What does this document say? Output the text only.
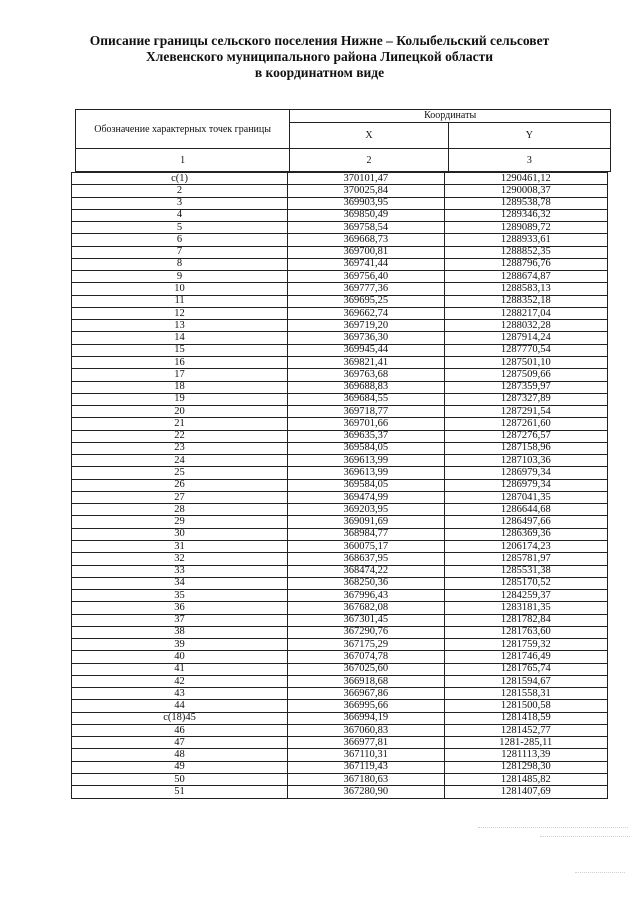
Описание границы сельского поселения Нижне – Колыбельский сельсовет
Хлевенского муниципального района Липецкой области
в координатном виде
Обозначение характерных точек границы	Координаты	
	X	Y
1	2	3
с(1)	370101,47	1290461,12
2	370025,84	1290008,37
3	369903,95	1289538,78
4	369850,49	1289346,32
5	369758,54	1289089,72
6	369668,73	1288933,61
7	369700,81	1288852,35
8	369741,44	1288796,76
9	369756,40	1288674,87
10	369777,36	1288583,13
11	369695,25	1288352,18
12	369662,74	1288217,04
13	369719,20	1288032,28
14	369736,30	1287914,24
15	369945,44	1287770,54
16	369821,41	1287501,10
17	369763,68	1287509,66
18	369688,83	1287359,97
19	369684,55	1287327,89
20	369718,77	1287291,54
21	369701,66	1287261,60
22	369635,37	1287276,57
23	369584,05	1287158,96
24	369613,99	1287103,36
25	369613,99	1286979,34
26	369584,05	1286979,34
27	369474,99	1287041,35
28	369203,95	1286644,68
29	369091,69	1286497,66
30	368984,77	1286369,36
31	360075,17	1206174,23
32	368637,95	1285781,97
33	368474,22	1285531,38
34	368250,36	1285170,52
35	367996,43	1284259,37
36	367682,08	1283181,35
37	367301,45	1281782,84
38	367290,76	1281763,60
39	367175,29	1281759,32
40	367074,78	1281746,49
41	367025,60	1281765,74
42	366918,68	1281594,67
43	366967,86	1281558,31
44	366995,66	1281500,58
с(18)45	366994,19	1281418,59
46	367060,83	1281452,77
47	366977,81	1281-285,11
48	367110,31	1281113,39
49	367119,43	1281298,30
50	367180,63	1281485,82
51	367280,90	1281407,69
